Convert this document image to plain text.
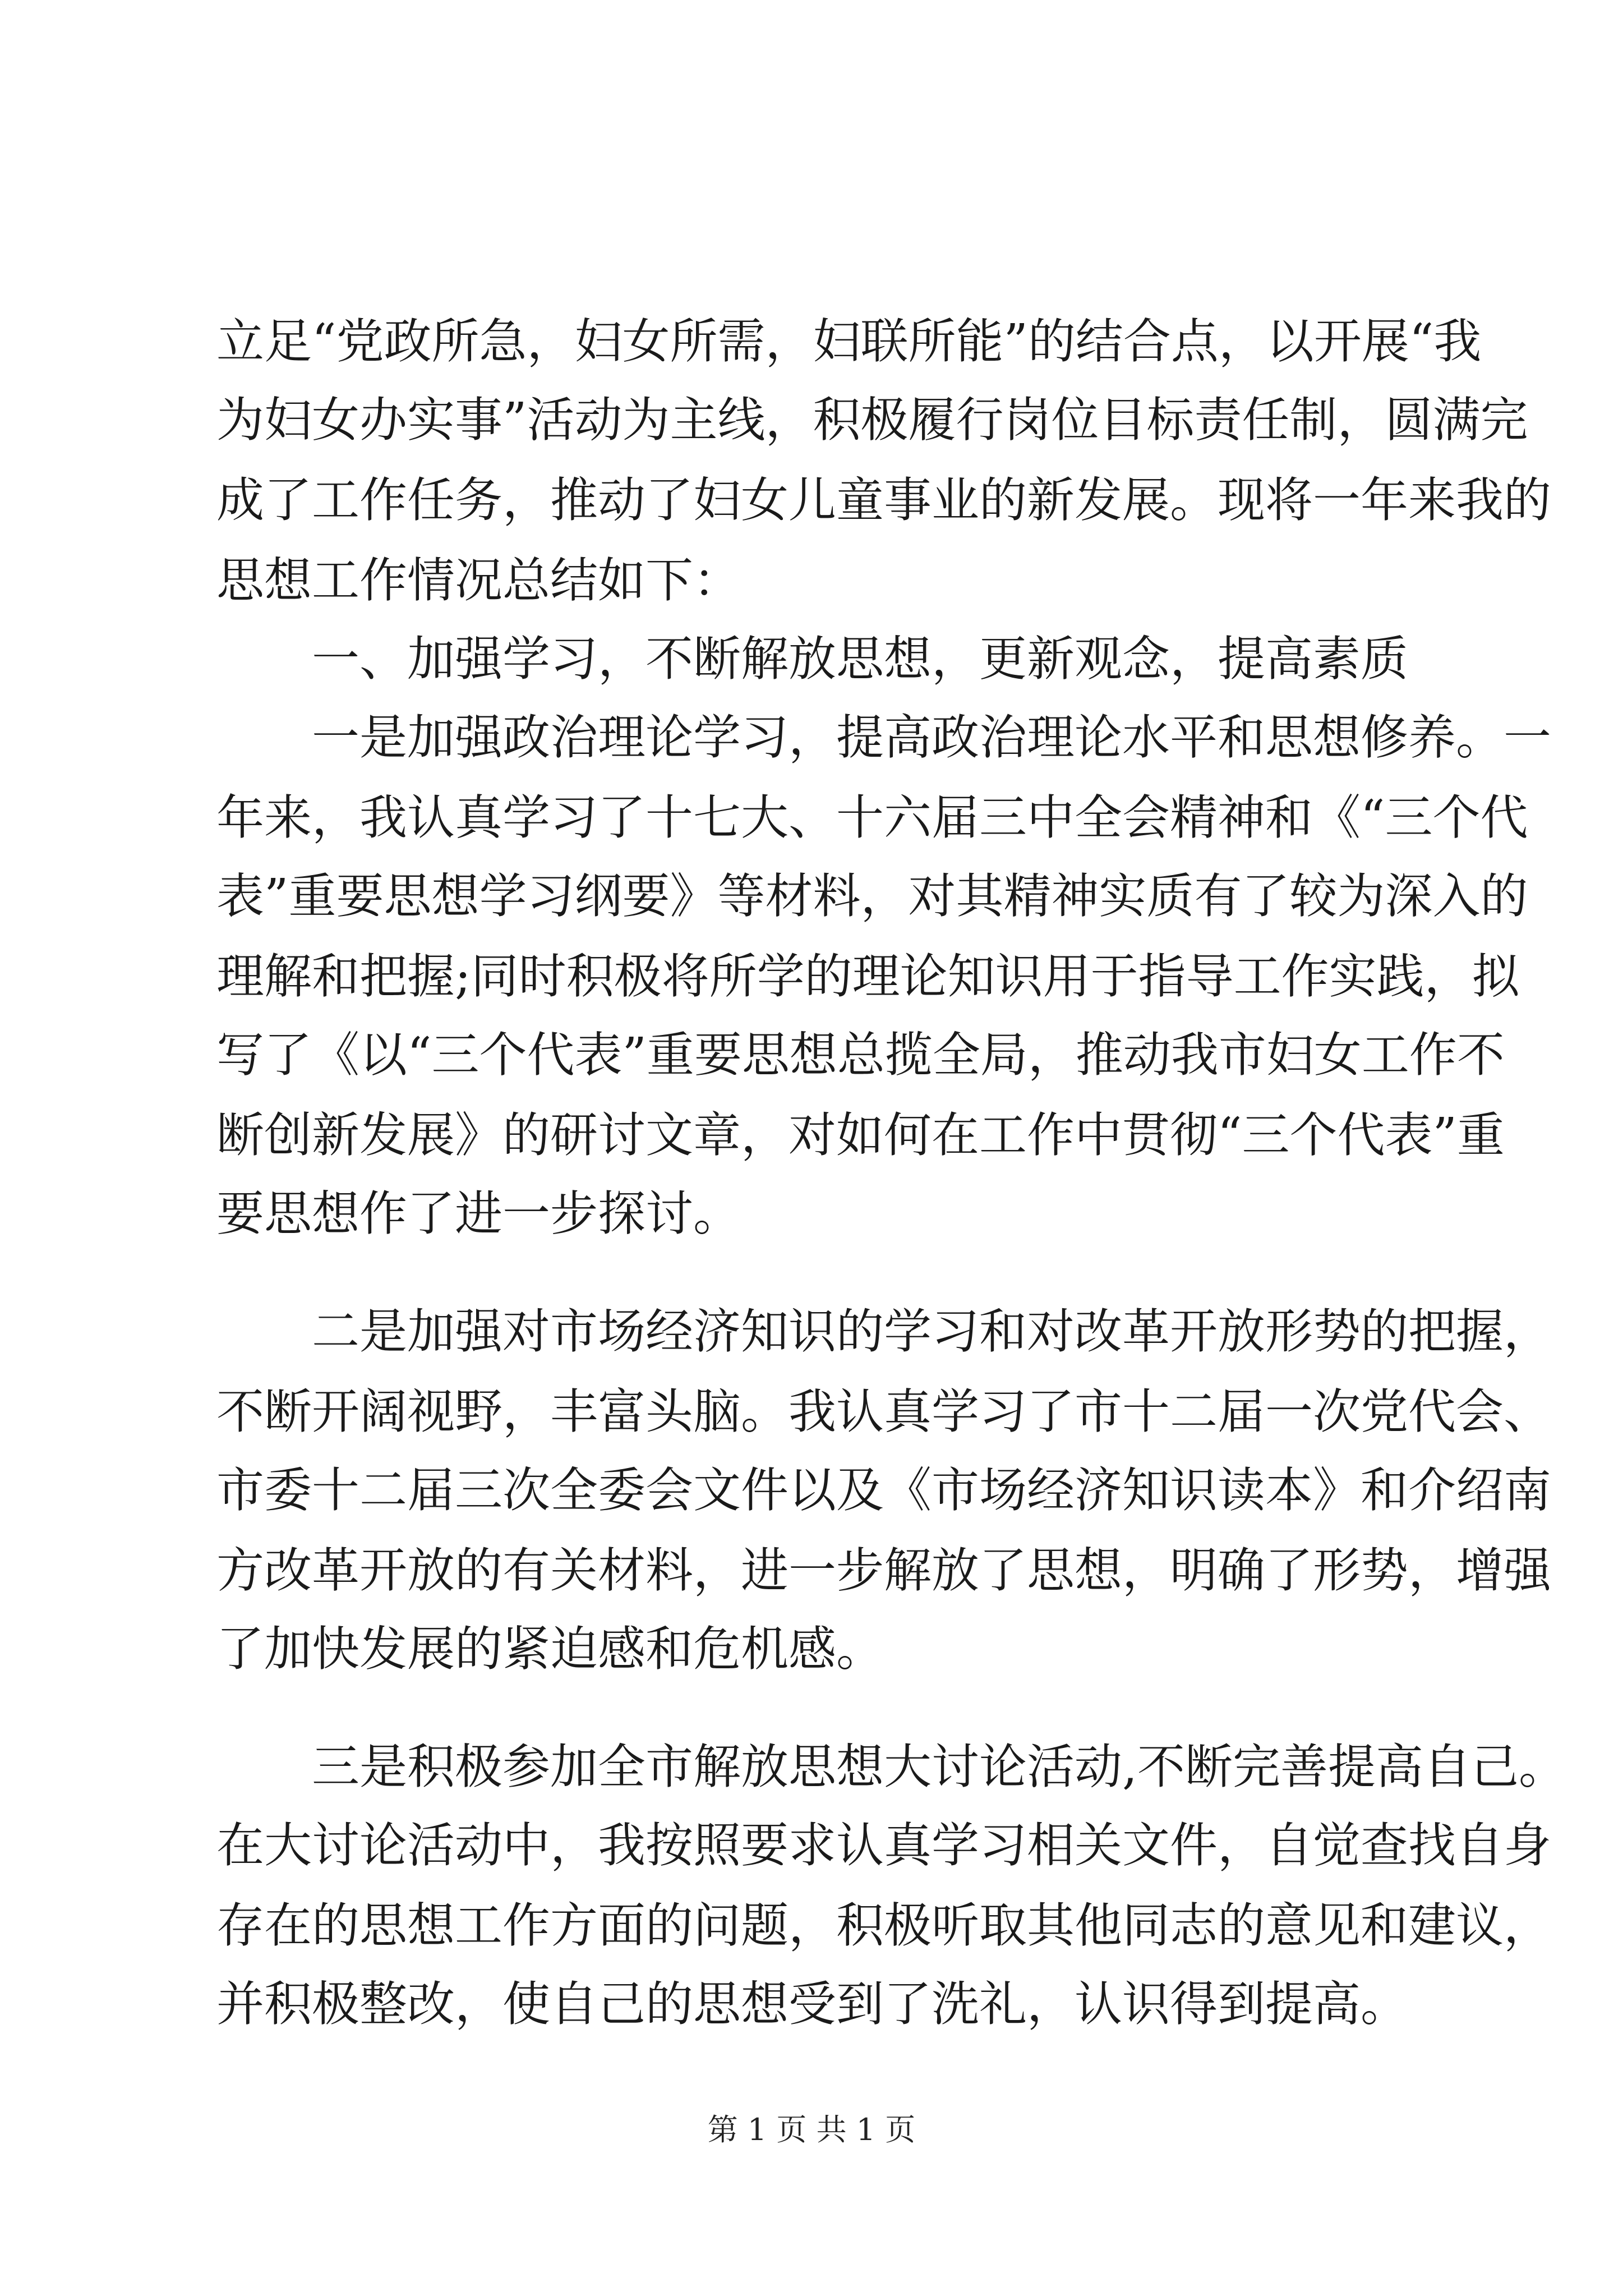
立足“党政所急，妇女所需，妇联所能”的结合点，以开展“我
为妇女办实事”活动为主线，积极履行岗位目标责任制，圆满完
成了工作任务，推动了妇女儿童事业的新发展。现将一年来我的
思想工作情况总结如下：
一、加强学习，不断解放思想，更新观念，提高素质
一是加强政治理论学习，提高政治理论水平和思想修养。一
年来，我认真学习了十七大、十六届三中全会精神和《“三个代
表”重要思想学习纲要》等材料，对其精神实质有了较为深入的
理解和把握;同时积极将所学的理论知识用于指导工作实践，拟
写了《以“三个代表”重要思想总揽全局，推动我市妇女工作不
断创新发展》的研讨文章，对如何在工作中贯彻“三个代表”重
要思想作了进一步探讨。
二是加强对市场经济知识的学习和对改革开放形势的把握，
不断开阔视野，丰富头脑。我认真学习了市十二届一次党代会、
市委十二届三次全委会文件以及《市场经济知识读本》和介绍南
方改革开放的有关材料，进一步解放了思想，明确了形势，增强
了加快发展的紧迫感和危机感。
三是积极参加全市解放思想大讨论活动,不断完善提高自己。
在大讨论活动中，我按照要求认真学习相关文件，自觉查找自身
存在的思想工作方面的问题，积极听取其他同志的意见和建议，
并积极整改，使自己的思想受到了洗礼，认识得到提高。
第 1 页 共 1 页
